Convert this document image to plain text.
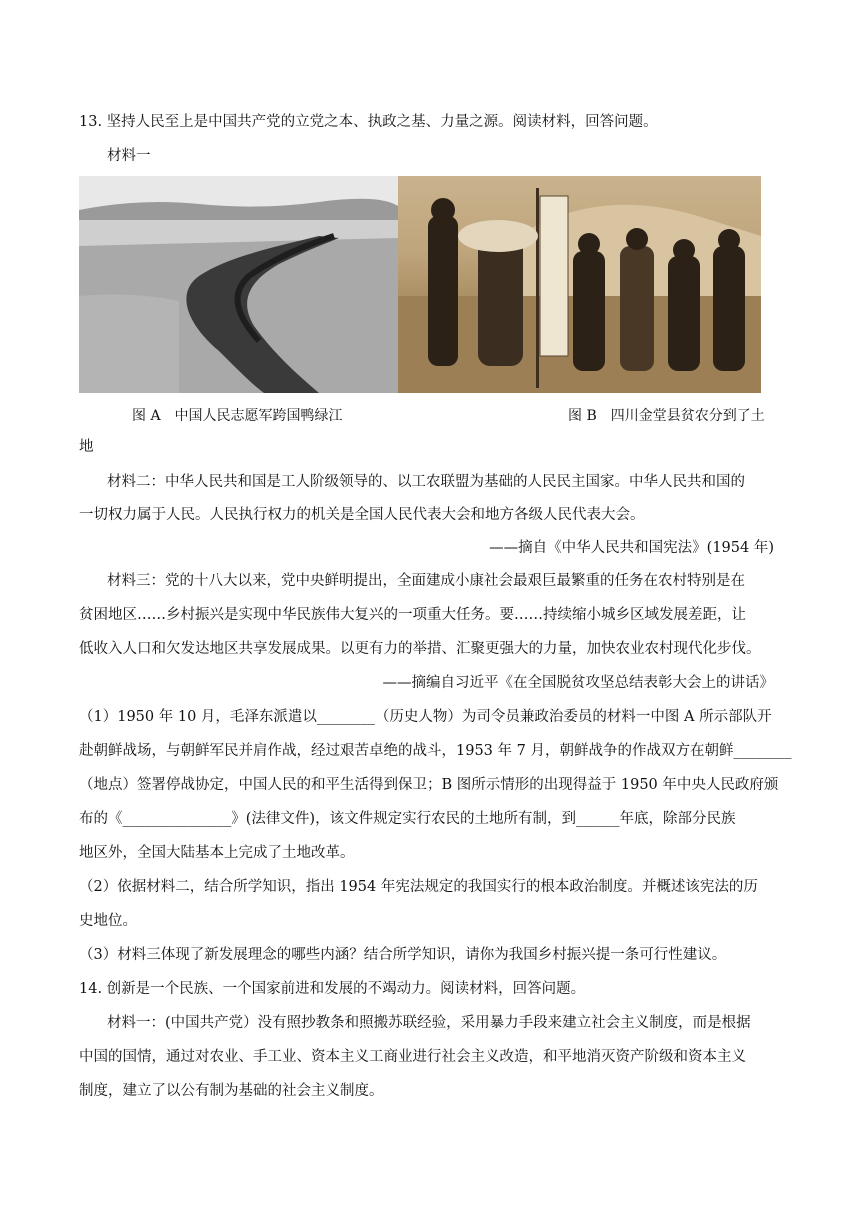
13. 坚持人民至上是中国共产党的立党之本、执政之基、力量之源。阅读材料，回答问题。
材料一
图 A　中国人民志愿军跨国鸭绿江	图 B　四川金堂县贫农分到了土
地
材料二：中华人民共和国是工人阶级领导的、以工农联盟为基础的人民民主国家。中华人民共和国的
一切权力属于人民。人民执行权力的机关是全国人民代表大会和地方各级人民代表大会。
——摘自《中华人民共和国宪法》(1954 年)
材料三：党的十八大以来，党中央鲜明提出，全面建成小康社会最艰巨最繁重的任务在农村特别是在
贫困地区……乡村振兴是实现中华民族伟大复兴的一项重大任务。要……持续缩小城乡区域发展差距，让
低收入人口和欠发达地区共享发展成果。以更有力的举措、汇聚更强大的力量，加快农业农村现代化步伐。
——摘编自习近平《在全国脱贫攻坚总结表彰大会上的讲话》
（1）1950 年 10 月，毛泽东派遣以________（历史人物）为司令员兼政治委员的材料一中图 A 所示部队开
赴朝鲜战场，与朝鲜军民并肩作战，经过艰苦卓绝的战斗，1953 年 7 月，朝鲜战争的作战双方在朝鲜________
（地点）签署停战协定，中国人民的和平生活得到保卫；B 图所示情形的出现得益于 1950 年中央人民政府颁
布的《_______________》(法律文件)，该文件规定实行农民的土地所有制，到______年底，除部分民族
地区外，全国大陆基本上完成了土地改革。
（2）依据材料二，结合所学知识，指出 1954 年宪法规定的我国实行的根本政治制度。并概述该宪法的历
史地位。
（3）材料三体现了新发展理念的哪些内涵？结合所学知识，请你为我国乡村振兴提一条可行性建议。
14. 创新是一个民族、一个国家前进和发展的不竭动力。阅读材料，回答问题。
材料一：(中国共产党）没有照抄教条和照搬苏联经验，采用暴力手段来建立社会主义制度，而是根据
中国的国情，通过对农业、手工业、资本主义工商业进行社会主义改造，和平地消灭资产阶级和资本主义
制度，建立了以公有制为基础的社会主义制度。
